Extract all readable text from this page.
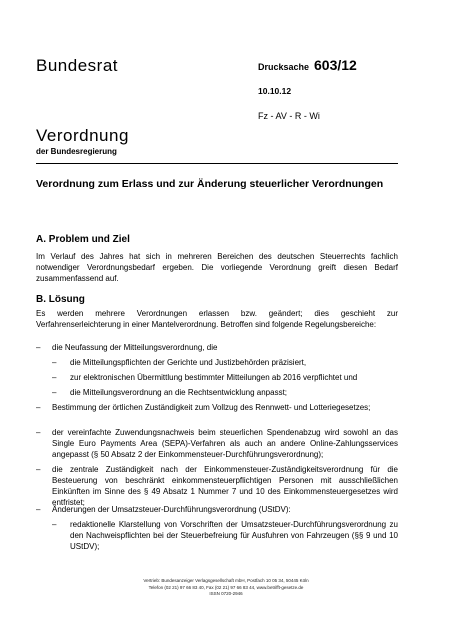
Bundesrat	Drucksache 603/12
10.10.12
Fz - AV - R - Wi
Verordnung
der Bundesregierung
Verordnung zum Erlass und zur Änderung steuerlicher Verordnungen
A. Problem und Ziel
Im Verlauf des Jahres hat sich in mehreren Bereichen des deutschen Steuerrechts fachlich notwendiger Verordnungsbedarf ergeben. Die vorliegende Verordnung greift diesen Bedarf zusammenfassend auf.
B. Lösung
Es werden mehrere Verordnungen erlassen bzw. geändert; dies geschieht zur Verfahrenserleichterung in einer Mantelverordnung. Betroffen sind folgende Regelungsbereiche:
– die Neufassung der Mitteilungsverordnung, die
– die Mitteilungspflichten der Gerichte und Justizbehörden präzisiert,
– zur elektronischen Übermittlung bestimmter Mitteilungen ab 2016 verpflichtet und
– die Mitteilungsverordnung an die Rechtsentwicklung anpasst;
– Bestimmung der örtlichen Zuständigkeit zum Vollzug des Rennwett- und Lotteriegesetzes;
– der vereinfachte Zuwendungsnachweis beim steuerlichen Spendenabzug wird sowohl an das Single Euro Payments Area (SEPA)-Verfahren als auch an andere Online-Zahlungsservices angepasst (§ 50 Absatz 2 der Einkommensteuer-Durchführungsverordnung);
– die zentrale Zuständigkeit nach der Einkommensteuer-Zuständigkeitsverordnung für die Besteuerung von beschränkt einkommensteuerpflichtigen Personen mit ausschließlichen Einkünften im Sinne des § 49 Absatz 1 Nummer 7 und 10 des Einkommensteuergesetzes wird entfristet;
– Änderungen der Umsatzsteuer-Durchführungsverordnung (UStDV):
– redaktionelle Klarstellung von Vorschriften der Umsatzsteuer-Durchführungsverordnung zu den Nachweispflichten bei der Steuerbefreiung für Ausfuhren von Fahrzeugen (§§ 9 und 10 UStDV);
Vertrieb: Bundesanzeiger Verlagsgesellschaft mbH, Postfach 10 05 34, 50445 Köln
Telefon (02 21) 97 66 83 40, Fax (02 21) 97 66 83 44, www.betrifft-gesetze.de
ISSN 0720-2946
